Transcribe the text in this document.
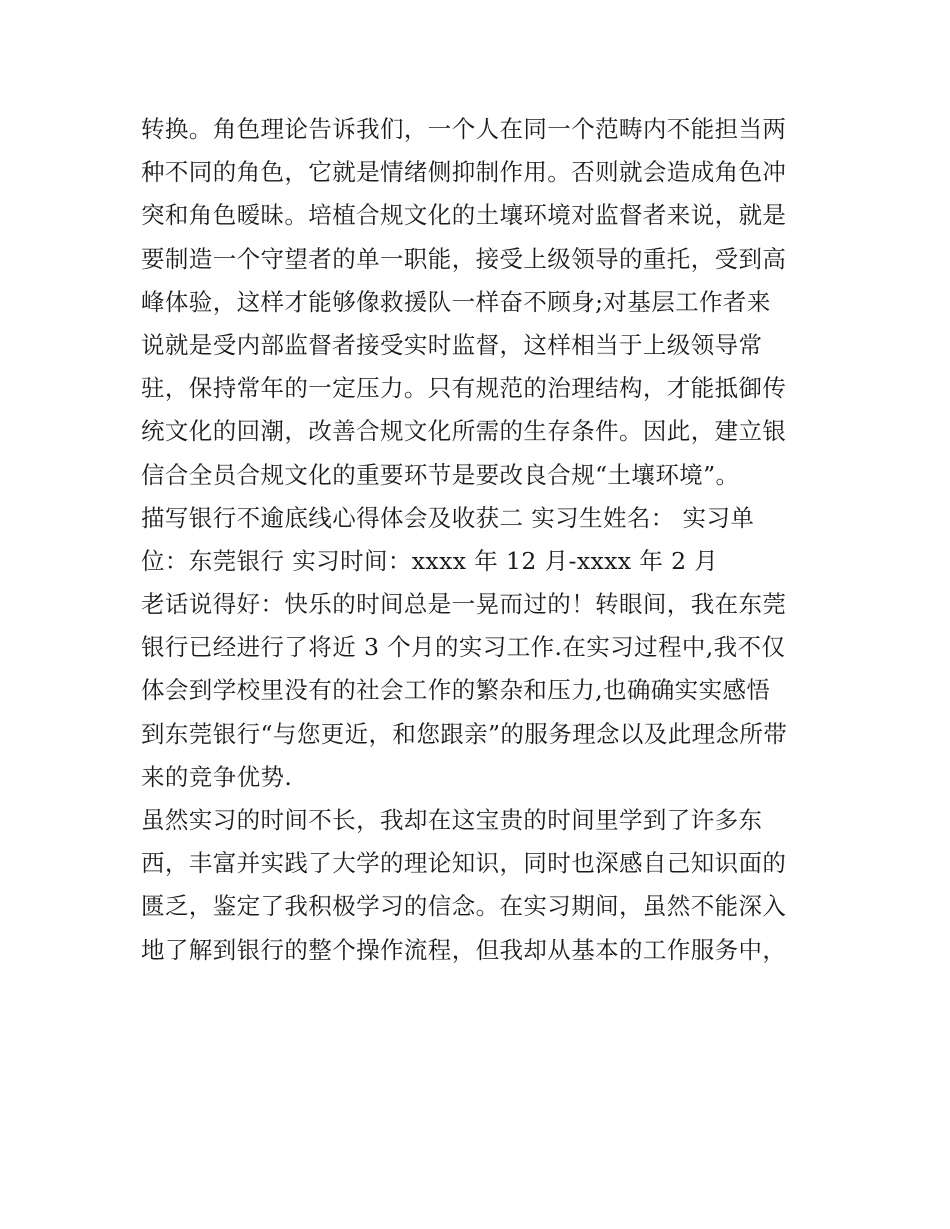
转换。角色理论告诉我们，一个人在同一个范畴内不能担当两
种不同的角色，它就是情绪侧抑制作用。否则就会造成角色冲
突和角色暧昧。培植合规文化的土壤环境对监督者来说，就是
要制造一个守望者的单一职能，接受上级领导的重托，受到高
峰体验，这样才能够像救援队一样奋不顾身;对基层工作者来
说就是受内部监督者接受实时监督，这样相当于上级领导常
驻，保持常年的一定压力。只有规范的治理结构，才能抵御传
统文化的回潮，改善合规文化所需的生存条件。因此，建立银
信合全员合规文化的重要环节是要改良合规“土壤环境”。
描写银行不逾底线心得体会及收获二 实习生姓名： 实习单
位：东莞银行 实习时间：xxxx 年 12 月-xxxx 年 2 月
老话说得好：快乐的时间总是一晃而过的！转眼间，我在东莞
银行已经进行了将近 3 个月的实习工作.在实习过程中,我不仅
体会到学校里没有的社会工作的繁杂和压力,也确确实实感悟
到东莞银行“与您更近，和您跟亲”的服务理念以及此理念所带
来的竞争优势.
虽然实习的时间不长，我却在这宝贵的时间里学到了许多东
西，丰富并实践了大学的理论知识，同时也深感自己知识面的
匮乏，鉴定了我积极学习的信念。在实习期间，虽然不能深入
地了解到银行的整个操作流程，但我却从基本的工作服务中，
